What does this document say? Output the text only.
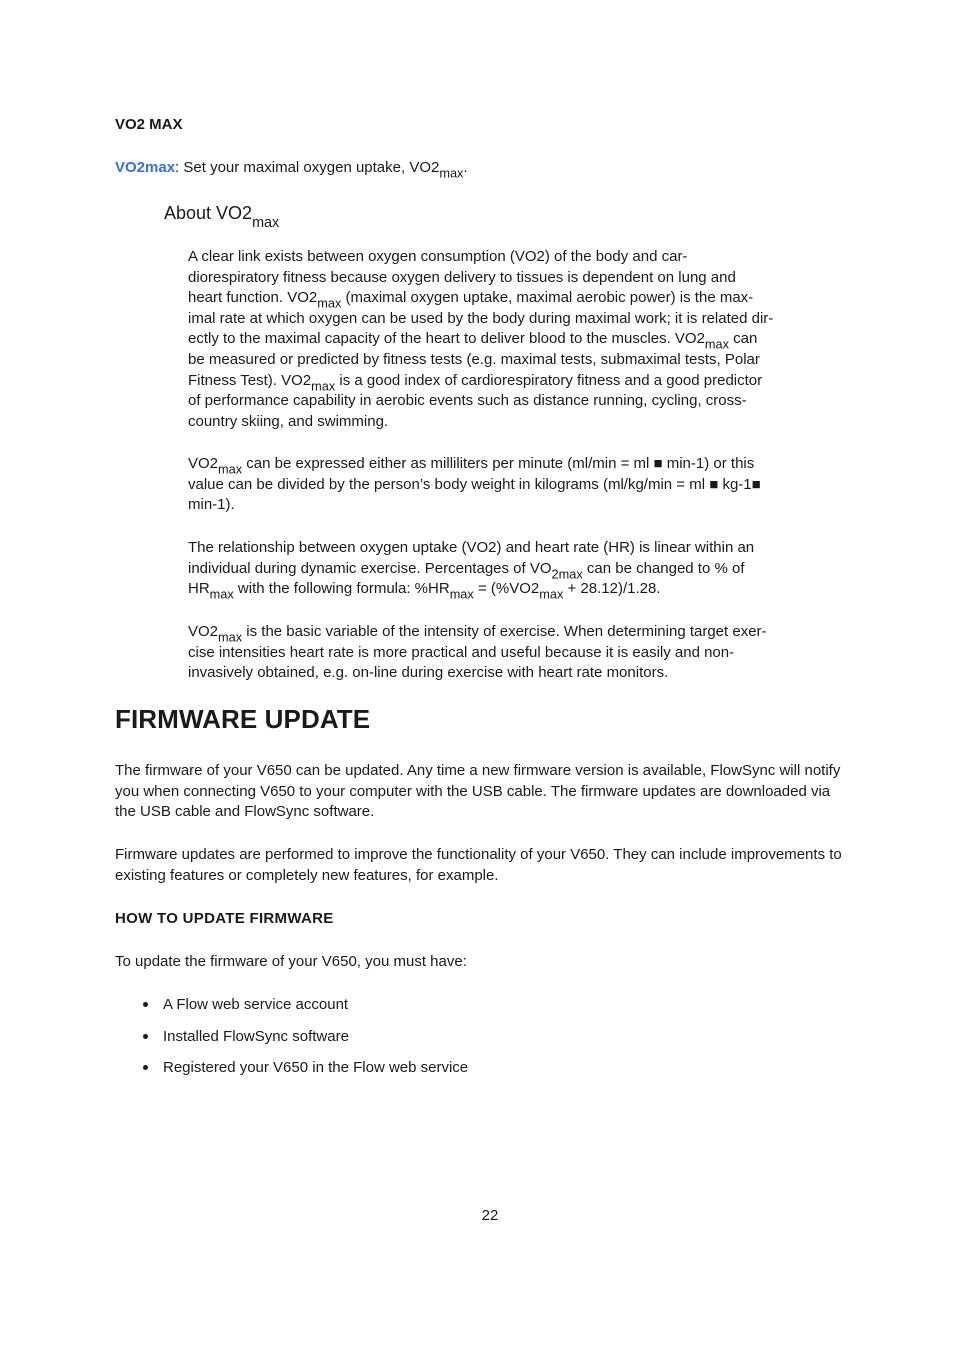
VO2 MAX
VO2max: Set your maximal oxygen uptake, $VO2_{max}$.
About $VO2_{max}$
A clear link exists between oxygen consumption (VO2) of the body and car-
diorespiratory fitness because oxygen delivery to tissues is dependent on lung and
heart function. $VO2_{max}$ (maximal oxygen uptake, maximal aerobic power) is the max-
imal rate at which oxygen can be used by the body during maximal work; it is related dir-
ectly to the maximal capacity of the heart to deliver blood to the muscles. $VO2_{max}$ can
be measured or predicted by fitness tests (e.g. maximal tests, submaximal tests, Polar
Fitness Test). $VO2_{max}$ is a good index of cardiorespiratory fitness and a good predictor
of performance capability in aerobic events such as distance running, cycling, cross-
country skiing, and swimming.
$VO2_{max}$ can be expressed either as milliliters per minute (ml/min = ml ■ min-1) or this
value can be divided by the person’s body weight in kilograms (ml/kg/min = ml ■ kg-1■
min-1).
The relationship between oxygen uptake (VO2) and heart rate (HR) is linear within an
individual during dynamic exercise. Percentages of $VO_{2max}$ can be changed to % of
$HR_{max}$ with the following formula: $\%HR_{max} = (\%VO2_{max} + 28.12)/1.28$.
$VO2_{max}$ is the basic variable of the intensity of exercise. When determining target exer-
cise intensities heart rate is more practical and useful because it is easily and non-
invasively obtained, e.g. on-line during exercise with heart rate monitors.
FIRMWARE UPDATE
The firmware of your V650 can be updated. Any time a new firmware version is available, FlowSync will notify
you when connecting V650 to your computer with the USB cable. The firmware updates are downloaded via
the USB cable and FlowSync software.
Firmware updates are performed to improve the functionality of your V650. They can include improvements to
existing features or completely new features, for example.
HOW TO UPDATE FIRMWARE
To update the firmware of your V650, you must have:
A Flow web service account
Installed FlowSync software
Registered your V650 in the Flow web service
22
